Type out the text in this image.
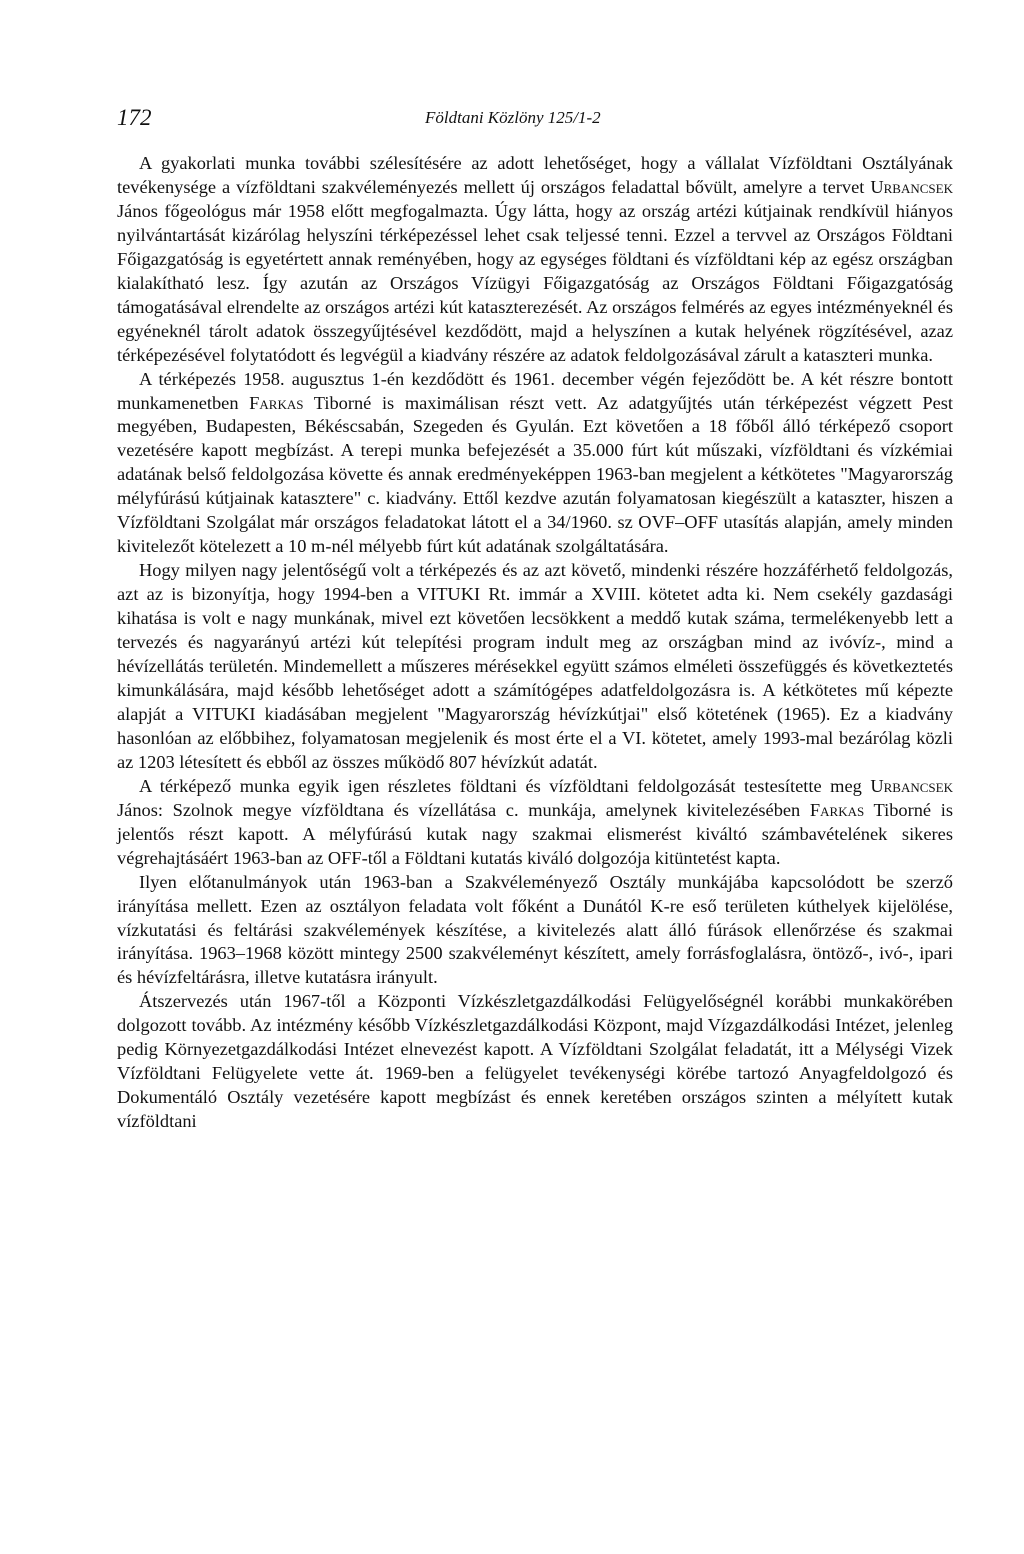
172	Földtani Közlöny 125/1-2

A gyakorlati munka további szélesítésére az adott lehetőséget, hogy a vállalat Vízföldtani Osztályának tevékenysége a vízföldtani szakvéleményezés mellett új országos feladattal bővült, amelyre a tervet Urbancsek János főgeológus már 1958 előtt megfogalmazta. Úgy látta, hogy az ország artézi kútjainak rendkívül hiányos nyilvántartását kizárólag helyszíni térképezéssel lehet csak teljessé tenni. Ezzel a tervvel az Országos Földtani Főigazgatóság is egyetértett annak reményében, hogy az egységes földtani és vízföldtani kép az egész országban kialakítható lesz. Így azután az Országos Vízügyi Főigazgatóság az Országos Földtani Főigazgatóság támogatásával elrendelte az országos artézi kút kataszterezését. Az országos felmérés az egyes intézményeknél és egyéneknél tárolt adatok összegyűjtésével kezdődött, majd a helyszínen a kutak helyének rögzítésével, azaz térképezésével folytatódott és legvégül a kiadvány részére az adatok feldolgozásával zárult a kataszteri munka.

A térképezés 1958. augusztus 1-én kezdődött és 1961. december végén fejeződött be. A két részre bontott munkamenetben Farkas Tiborné is maximálisan részt vett. Az adatgyűjtés után térképezést végzett Pest megyében, Budapesten, Békéscsabán, Szegeden és Gyulán. Ezt követően a 18 főből álló térképező csoport vezetésére kapott megbízást. A terepi munka befejezését a 35.000 fúrt kút műszaki, vízföldtani és vízkémiai adatának belső feldolgozása követte és annak eredményeképpen 1963-ban megjelent a kétkötetes "Magyarország mélyfúrású kútjainak katasztere" c. kiadvány. Ettől kezdve azután folyamatosan kiegészült a kataszter, hiszen a Vízföldtani Szolgálat már országos feladatokat látott el a 34/1960. sz OVF–OFF utasítás alapján, amely minden kivitelezőt kötelezett a 10 m-nél mélyebb fúrt kút adatának szolgáltatására.

Hogy milyen nagy jelentőségű volt a térképezés és az azt követő, mindenki részére hozzáférhető feldolgozás, azt az is bizonyítja, hogy 1994-ben a VITUKI Rt. immár a XVIII. kötetet adta ki. Nem csekély gazdasági kihatása is volt e nagy munkának, mivel ezt követően lecsökkent a meddő kutak száma, termelékenyebb lett a tervezés és nagyarányú artézi kút telepítési program indult meg az országban mind az ivóvíz-, mind a hévízellátás területén. Mindemellett a műszeres mérésekkel együtt számos elméleti összefüggés és következtetés kimunkálására, majd később lehetőséget adott a számítógépes adatfeldolgozásra is. A kétkötetes mű képezte alapját a VITUKI kiadásában megjelent "Magyarország hévízkútjai" első kötetének (1965). Ez a kiadvány hasonlóan az előbbihez, folyamatosan megjelenik és most érte el a VI. kötetet, amely 1993-mal bezárólag közli az 1203 létesített és ebből az összes működő 807 hévízkút adatát.

A térképező munka egyik igen részletes földtani és vízföldtani feldolgozását testesítette meg Urbancsek János: Szolnok megye vízföldtana és vízellátása c. munkája, amelynek kivitelezésében Farkas Tiborné is jelentős részt kapott. A mélyfúrású kutak nagy szakmai elismerést kiváltó számbavételének sikeres végrehajtásáért 1963-ban az OFF-től a Földtani kutatás kiváló dolgozója kitüntetést kapta.

Ilyen előtanulmányok után 1963-ban a Szakvéleményező Osztály munkájába kapcsolódott be szerző irányítása mellett. Ezen az osztályon feladata volt főként a Dunától K-re eső területen kúthelyek kijelölése, vízkutatási és feltárási szakvélemények készítése, a kivitelezés alatt álló fúrások ellenőrzése és szakmai irányítása. 1963–1968 között mintegy 2500 szakvéleményt készített, amely forrásfoglalásra, öntöző-, ivó-, ipari és hévízfeltárásra, illetve kutatásra irányult.

Átszervezés után 1967-től a Központi Vízkészletgazdálkodási Felügyelőségnél korábbi munkakörében dolgozott tovább. Az intézmény később Vízkészletgazdálkodási Központ, majd Vízgazdálkodási Intézet, jelenleg pedig Környezetgazdálkodási Intézet elnevezést kapott. A Vízföldtani Szolgálat feladatát, itt a Mélységi Vizek Vízföldtani Felügyelete vette át. 1969-ben a felügyelet tevékenységi körébe tartozó Anyagfeldolgozó és Dokumentáló Osztály vezetésére kapott megbízást és ennek keretében országos szinten a mélyített kutak vízföldtani
